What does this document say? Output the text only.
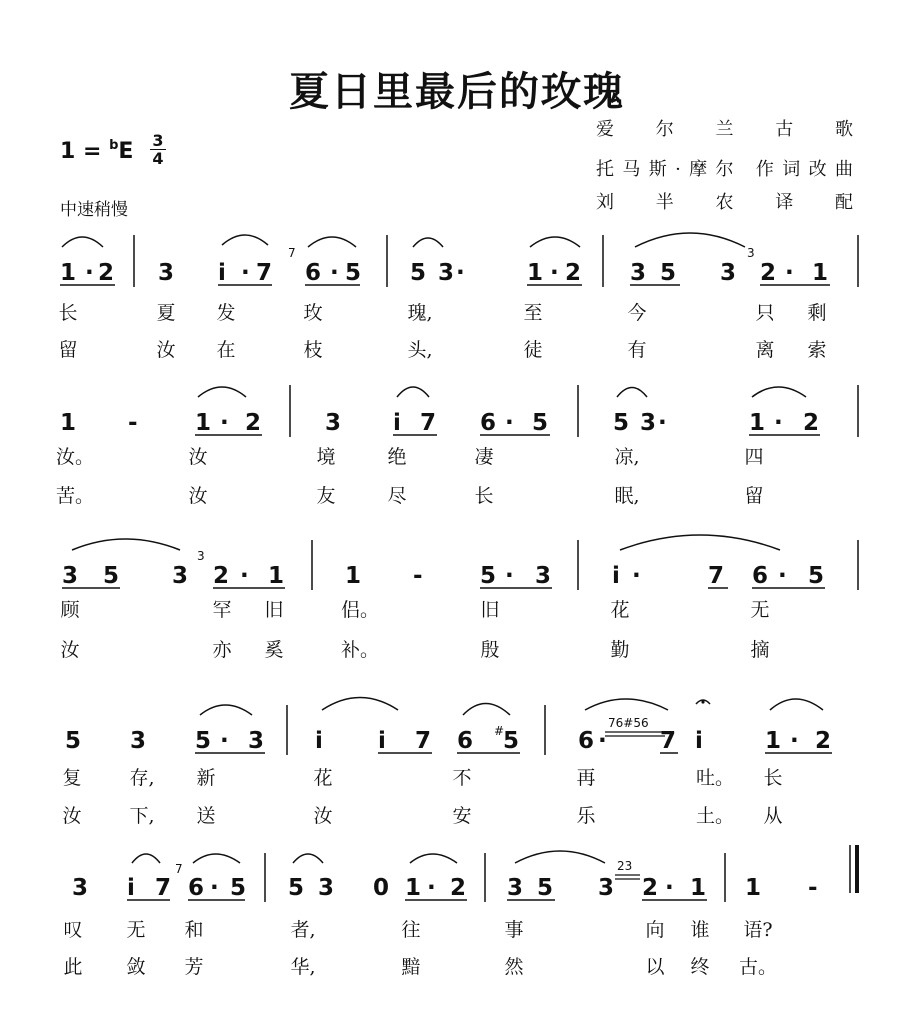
夏日里最后的玫瑰
1 = $^b$E 3
4
中速稍慢
爱尔兰古歌
托马斯·摩尔 作词改曲
刘半农译配
1 · 2 3 i · 7
7
6 · 5 5 3 ·	1 · 2 3 5 3
3
2 · 1
长	夏 发	玫	瑰,	至	今	只 剩
留	汝 在	枝	头,	徒	有	离 索
1 - 1 · 2	3 i 7 6 · 5	5 3 ·	1 · 2
汝。	汝	境	绝	凄	凉,	四
苦。	汝	友	尽	长	眠,	留
3 5 3
3
2 · 1	1 - 5 · 3	i ·	7 6 · 5
顾	罕 旧	侣。	旧	花	无
汝	亦 奚	补。	殷	勤	摘
5 3 5 · 3 i i 7 6 #
5	6 ·
76#56
7 i	1 · 2
复	存, 新	花	不	再	吐。 长
汝	下, 送	汝	安	乐	土。 从
3 i 7
7
6 · 5 5 3 0 1 · 2 3 5 3
23
2 · 1 1 -
叹 无 和	者,	往	事	向 谁 语?
此 敛 芳	华,	黯	然	以 终 古。
